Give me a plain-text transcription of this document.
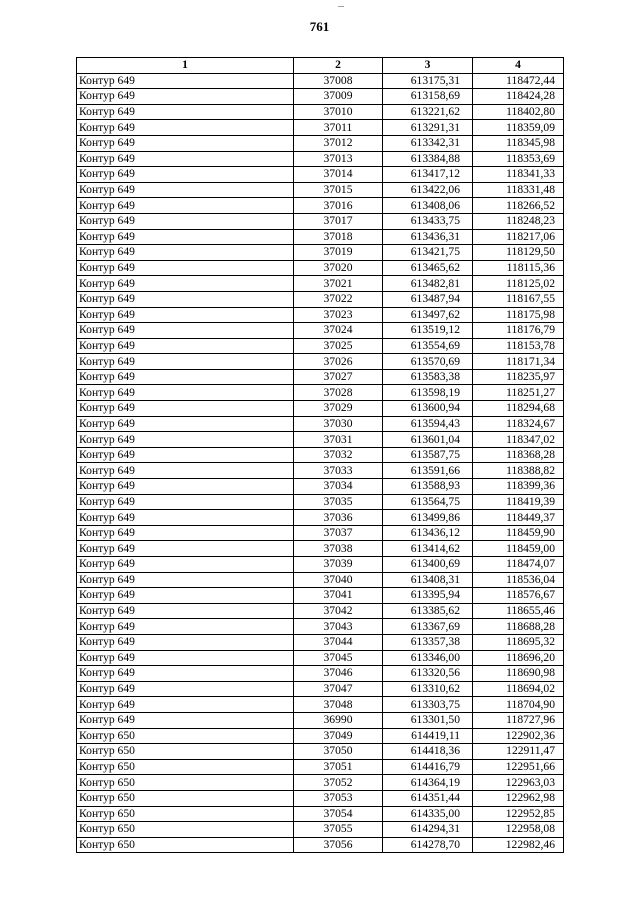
...
761
1	2	3	4
Контур 649	37008	613175,31	118472,44
Контур 649	37009	613158,69	118424,28
Контур 649	37010	613221,62	118402,80
Контур 649	37011	613291,31	118359,09
Контур 649	37012	613342,31	118345,98
Контур 649	37013	613384,88	118353,69
Контур 649	37014	613417,12	118341,33
Контур 649	37015	613422,06	118331,48
Контур 649	37016	613408,06	118266,52
Контур 649	37017	613433,75	118248,23
Контур 649	37018	613436,31	118217,06
Контур 649	37019	613421,75	118129,50
Контур 649	37020	613465,62	118115,36
Контур 649	37021	613482,81	118125,02
Контур 649	37022	613487,94	118167,55
Контур 649	37023	613497,62	118175,98
Контур 649	37024	613519,12	118176,79
Контур 649	37025	613554,69	118153,78
Контур 649	37026	613570,69	118171,34
Контур 649	37027	613583,38	118235,97
Контур 649	37028	613598,19	118251,27
Контур 649	37029	613600,94	118294,68
Контур 649	37030	613594,43	118324,67
Контур 649	37031	613601,04	118347,02
Контур 649	37032	613587,75	118368,28
Контур 649	37033	613591,66	118388,82
Контур 649	37034	613588,93	118399,36
Контур 649	37035	613564,75	118419,39
Контур 649	37036	613499,86	118449,37
Контур 649	37037	613436,12	118459,90
Контур 649	37038	613414,62	118459,00
Контур 649	37039	613400,69	118474,07
Контур 649	37040	613408,31	118536,04
Контур 649	37041	613395,94	118576,67
Контур 649	37042	613385,62	118655,46
Контур 649	37043	613367,69	118688,28
Контур 649	37044	613357,38	118695,32
Контур 649	37045	613346,00	118696,20
Контур 649	37046	613320,56	118690,98
Контур 649	37047	613310,62	118694,02
Контур 649	37048	613303,75	118704,90
Контур 649	36990	613301,50	118727,96
Контур 650	37049	614419,11	122902,36
Контур 650	37050	614418,36	122911,47
Контур 650	37051	614416,79	122951,66
Контур 650	37052	614364,19	122963,03
Контур 650	37053	614351,44	122962,98
Контур 650	37054	614335,00	122952,85
Контур 650	37055	614294,31	122958,08
Контур 650	37056	614278,70	122982,46
